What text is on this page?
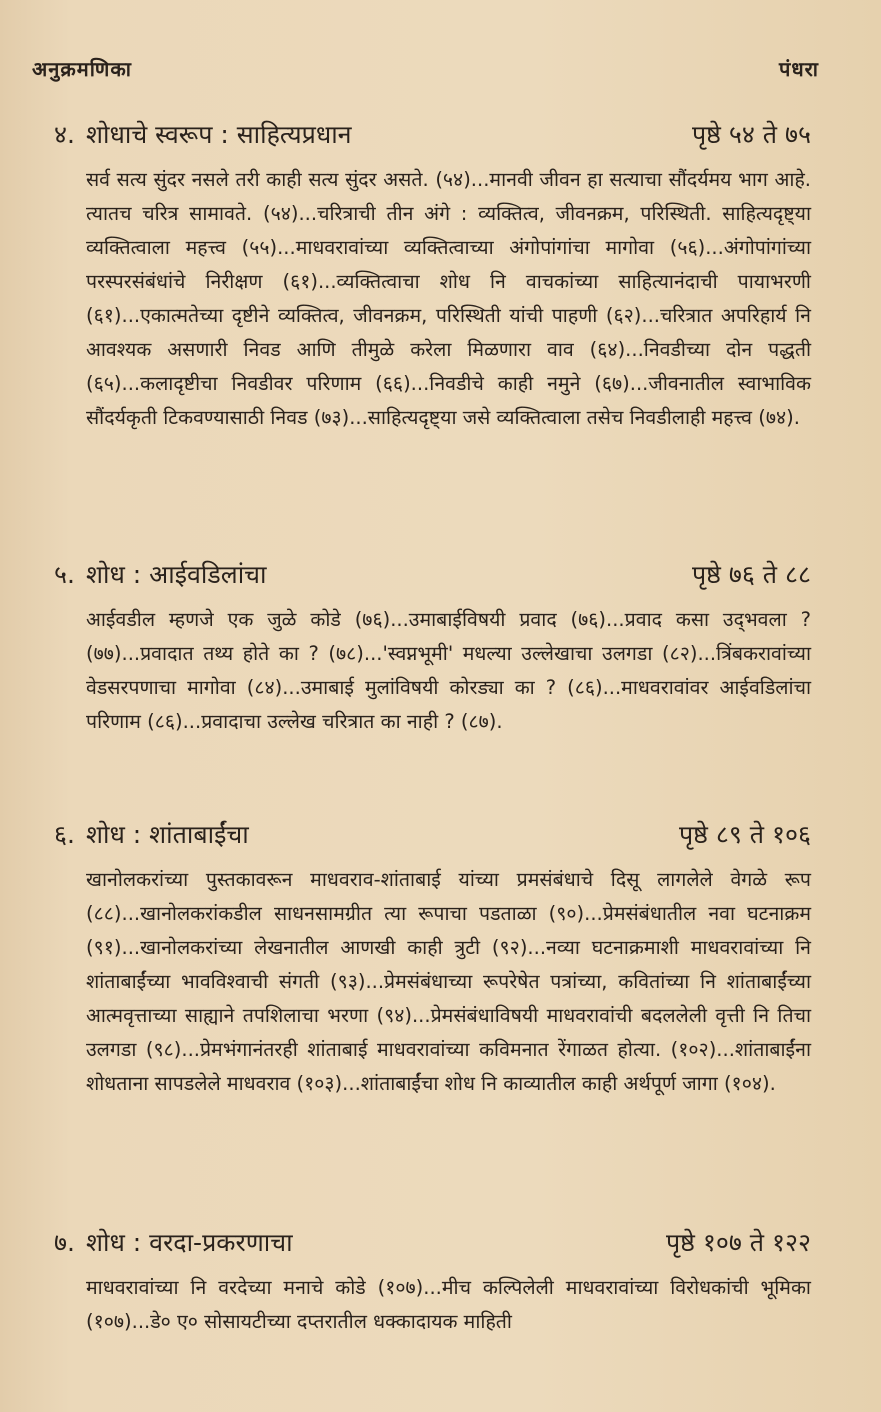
अनुक्रमणिका	पंधरा
४. शोधाचे स्वरूप : साहित्यप्रधान	पृष्ठे ५४ ते ७५
सर्व सत्य सुंदर नसले तरी काही सत्य सुंदर असते. (५४)...मानवी जीवन हा सत्याचा सौंदर्यमय भाग आहे. त्यातच चरित्र सामावते. (५४)...चरित्राची तीन अंगे : व्यक्तित्व, जीवनक्रम, परिस्थिती. साहित्यदृष्ट्या व्यक्तित्वाला महत्त्व (५५)...माधवरावांच्या व्यक्तित्वाच्या अंगोपांगांचा मागोवा (५६)...अंगोपांगांच्या परस्परसंबंधांचे निरीक्षण (६१)...व्यक्तित्वाचा शोध नि वाचकांच्या साहित्यानंदाची पायाभरणी (६१)...एकात्मतेच्या दृष्टीने व्यक्तित्व, जीवनक्रम, परिस्थिती यांची पाहणी (६२)...चरित्रात अपरिहार्य नि आवश्यक असणारी निवड आणि तीमुळे करेला मिळणारा वाव (६४)...निवडीच्या दोन पद्धती (६५)...कलादृष्टीचा निवडीवर परिणाम (६६)...निवडीचे काही नमुने (६७)...जीवनातील स्वाभाविक सौंदर्यकृती टिकवण्यासाठी निवड (७३)...साहित्यदृष्ट्या जसे व्यक्तित्वाला तसेच निवडीलाही महत्त्व (७४).
५. शोध : आईवडिलांचा	पृष्ठे ७६ ते ८८
आईवडील म्हणजे एक जुळे कोडे (७६)...उमाबाईविषयी प्रवाद (७६)...प्रवाद कसा उद्‌भवला ? (७७)...प्रवादात तथ्य होते का ? (७८)...'स्वप्नभूमी' मधल्या उल्लेखाचा उलगडा (८२)...त्रिंबकरावांच्या वेडसरपणाचा मागोवा (८४)...उमाबाई मुलांविषयी कोरड्या का ? (८६)...माधवरावांवर आईवडिलांचा परिणाम (८६)...प्रवादाचा उल्लेख चरित्रात का नाही ? (८७).
६. शोध : शांताबाईंचा	पृष्ठे ८९ ते १०६
खानोलकरांच्या पुस्तकावरून माधवराव-शांताबाई यांच्या प्रमसंबंधाचे दिसू लागलेले वेगळे रूप (८८)...खानोलकरांकडील साधनसामग्रीत त्या रूपाचा पडताळा (९०)...प्रेमसंबंधातील नवा घटनाक्रम (९१)...खानोलकरांच्या लेखनातील आणखी काही त्रुटी (९२)...नव्या घटनाक्रमाशी माधवरावांच्या नि शांताबाईंच्या भावविश्वाची संगती (९३)...प्रेमसंबंधाच्या रूपरेषेत पत्रांच्या, कवितांच्या नि शांताबाईंच्या आत्मवृत्ताच्या साह्याने तपशिलाचा भरणा (९४)...प्रेमसंबंधाविषयी माधवरावांची बदललेली वृत्ती नि तिचा उलगडा (९८)...प्रेमभंगानंतरही शांताबाई माधवरावांच्या कविमनात रेंगाळत होत्या. (१०२)...शांताबाईंना शोधताना सापडलेले माधवराव (१०३)...शांताबाईंचा शोध नि काव्यातील काही अर्थपूर्ण जागा (१०४).
७. शोध : वरदा-प्रकरणाचा	पृष्ठे १०७ ते १२२
माधवरावांच्या नि वरदेच्या मनाचे कोडे (१०७)...मीच कल्पिलेली माधवरावांच्या विरोधकांची भूमिका (१०७)...डे० ए० सोसायटीच्या दप्तरातील धक्कादायक माहिती
